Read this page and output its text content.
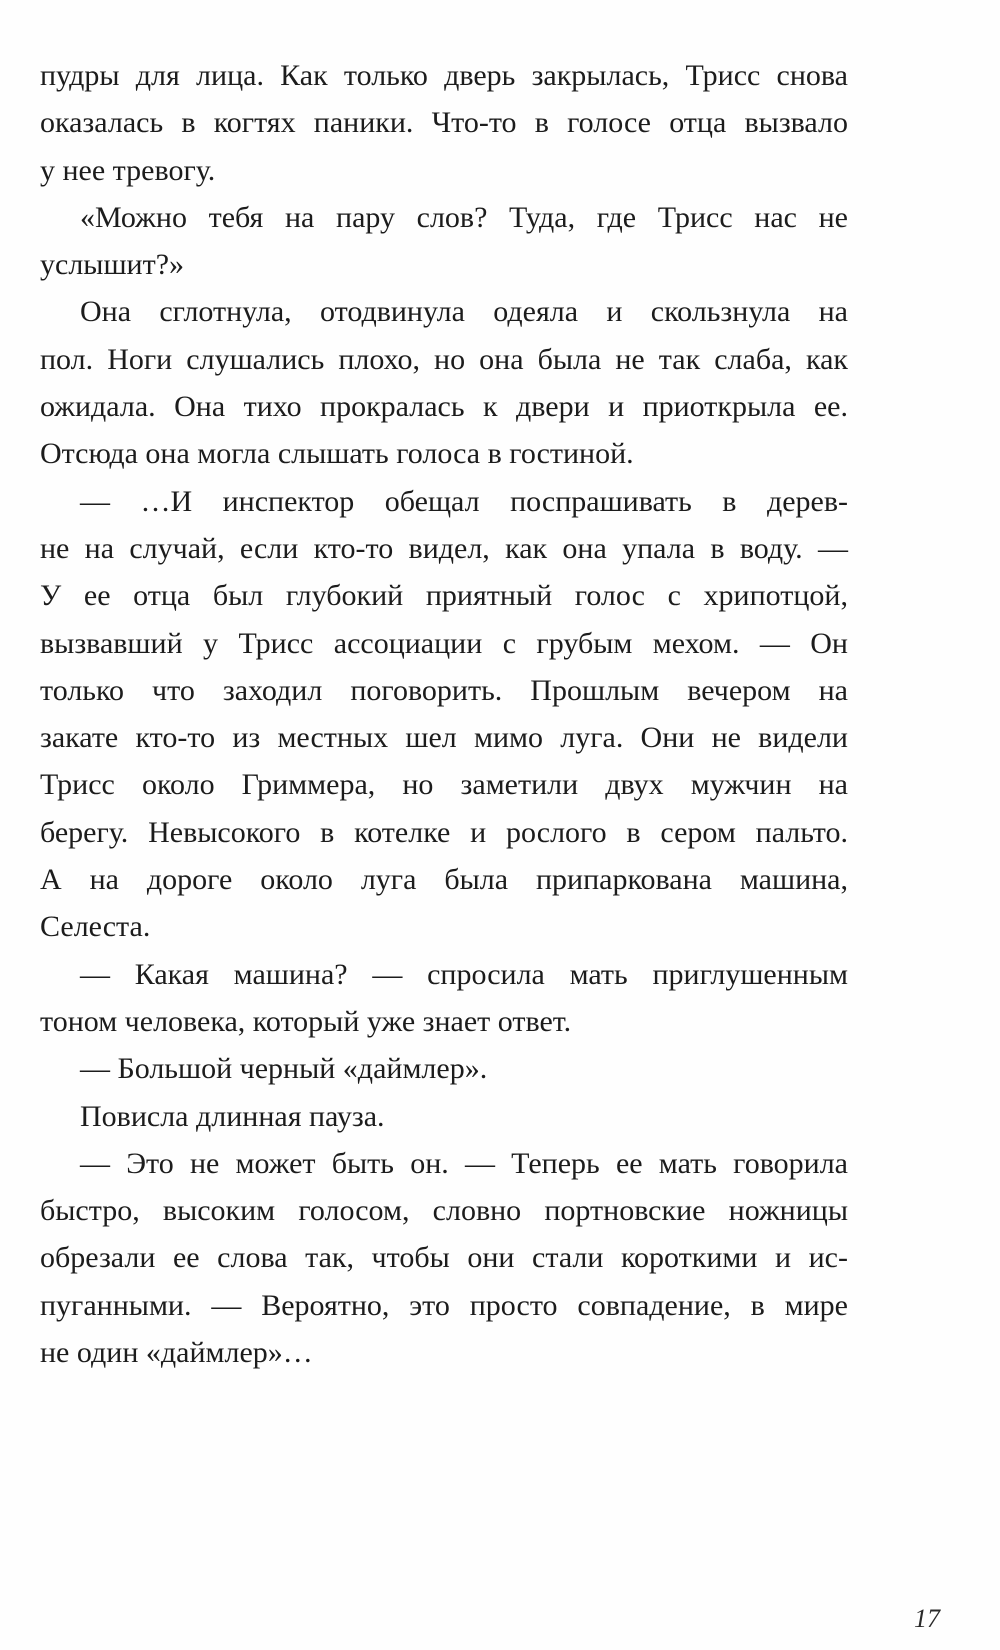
пудры для лица. Как только дверь закрылась, Трисс снова
оказалась в когтях паники. Что-то в голосе отца вызвало
у нее тревогу.
«Можно тебя на пару слов? Туда, где Трисс нас не
услышит?»
Она сглотнула, отодвинула одеяла и скользнула на
пол. Ноги слушались плохо, но она была не так слаба, как
ожидала. Она тихо прокралась к двери и приоткрыла ее.
Отсюда она могла слышать голоса в гостиной.
— …И инспектор обещал поспрашивать в дерев-
не на случай, если кто-то видел, как она упала в воду. —
У ее отца был глубокий приятный голос с хрипотцой,
вызвавший у Трисс ассоциации с грубым мехом. — Он
только что заходил поговорить. Прошлым вечером на
закате кто-то из местных шел мимо луга. Они не видели
Трисс около Гриммера, но заметили двух мужчин на
берегу. Невысокого в котелке и рослого в сером пальто.
А на дороге около луга была припаркована машина,
Селеста.
— Какая машина? — спросила мать приглушенным
тоном человека, который уже знает ответ.
— Большой черный «даймлер».
Повисла длинная пауза.
— Это не может быть он. — Теперь ее мать говорила
быстро, высоким голосом, словно портновские ножницы
обрезали ее слова так, чтобы они стали короткими и ис-
пуганными. — Вероятно, это просто совпадение, в мире
не один «даймлер»…
17
